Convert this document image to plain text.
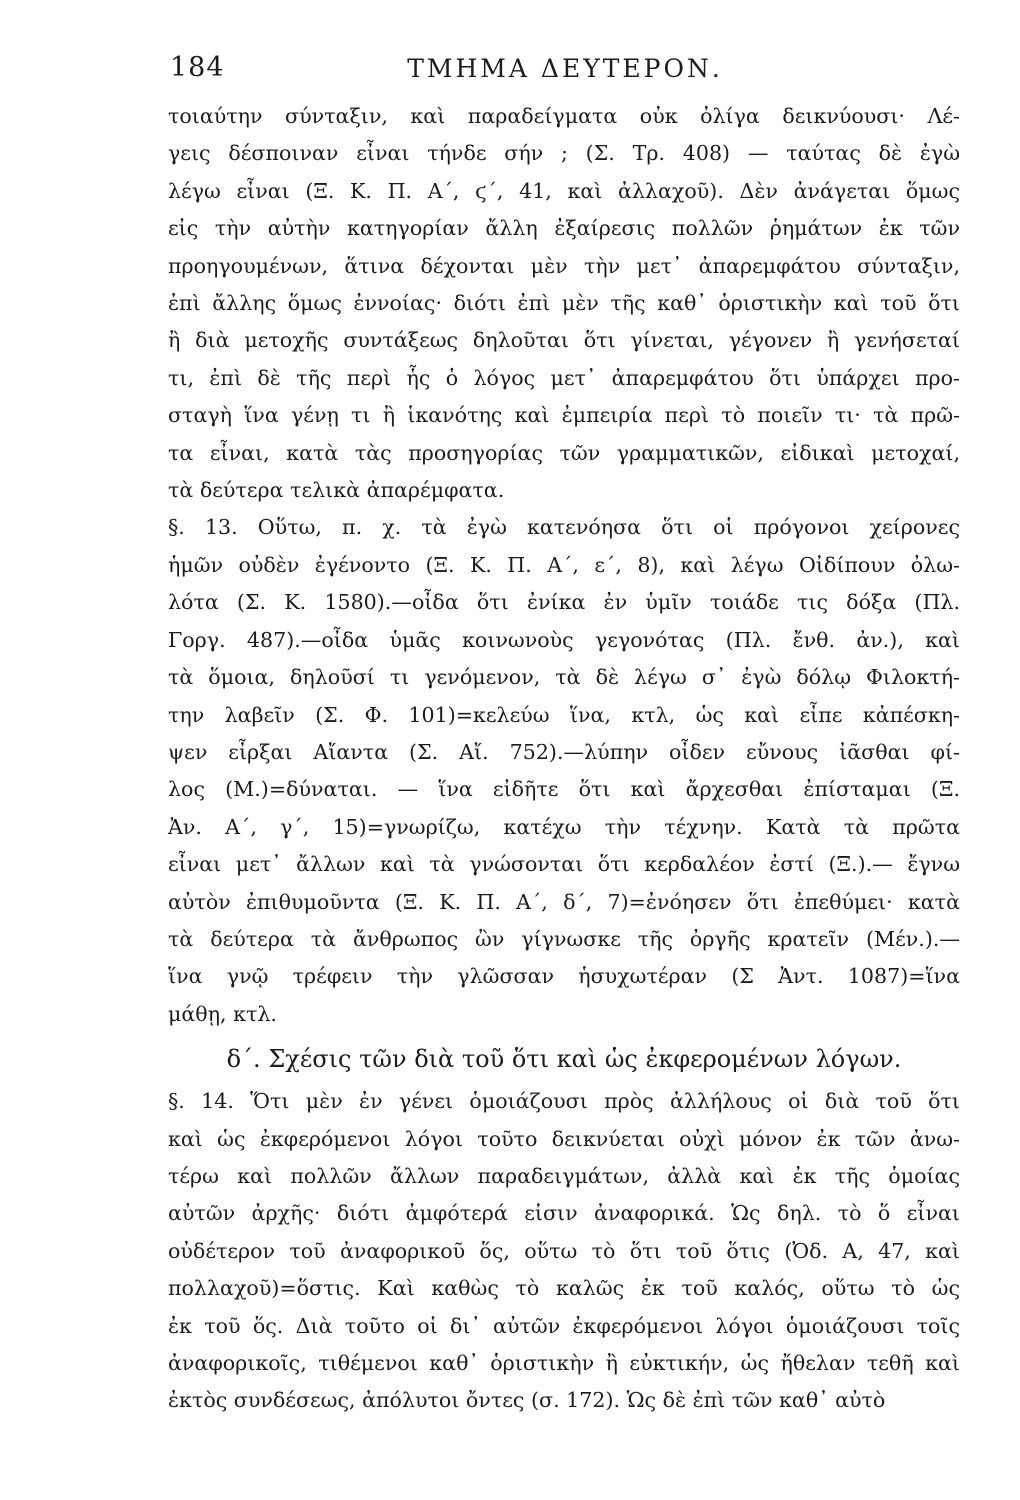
184	ΤΜΗΜΑ ΔΕΥΤΕΡΟΝ.
τοιαύτην σύνταξιν, καὶ παραδείγματα οὐκ ὀλίγα δεικνύουσι· Λέ-
γεις δέσποιναν εἶναι τήνδε σήν ; (Σ. Τρ. 408) — ταύτας δὲ ἐγὼ
λέγω εἶναι (Ξ. Κ. Π. Α΄, ϛ΄, 41, καὶ ἀλλαχοῦ). Δὲν ἀνάγεται ὅμως
εἰς τὴν αὐτὴν κατηγορίαν ἄλλη ἐξαίρεσις πολλῶν ῥημάτων ἐκ τῶν
προηγουμένων, ἅτινα δέχονται μὲν τὴν μετ᾽ ἀπαρεμφάτου σύνταξιν,
ἐπὶ ἄλλης ὅμως ἐννοίας· διότι ἐπὶ μὲν τῆς καθ᾽ ὁριστικὴν καὶ τοῦ ὅτι
ἢ διὰ μετοχῆς συντάξεως δηλοῦται ὅτι γίνεται, γέγονεν ἢ γενήσεταί
τι, ἐπὶ δὲ τῆς περὶ ἧς ὁ λόγος μετ᾽ ἀπαρεμφάτου ὅτι ὑπάρχει προ-
σταγὴ ἵνα γένῃ τι ἢ ἱκανότης καὶ ἐμπειρία περὶ τὸ ποιεῖν τι· τὰ πρῶ-
τα εἶναι, κατὰ τὰς προσηγορίας τῶν γραμματικῶν, εἰδικαὶ μετοχαί,
τὰ δεύτερα τελικὰ ἀπαρέμφατα.
§. 13. Οὕτω, π. χ. τὰ ἐγὼ κατενόησα ὅτι οἱ πρόγονοι χείρονες
ἡμῶν οὐδὲν ἐγένοντο (Ξ. Κ. Π. Α΄, ε΄, 8), καὶ λέγω Οἰδίπουν ὀλω-
λότα (Σ. Κ. 1580).—οἶδα ὅτι ἐνίκα ἐν ὑμῖν τοιάδε τις δόξα (Πλ.
Γοργ. 487).—οἶδα ὑμᾶς κοινωνοὺς γεγονότας (Πλ. ἔνθ. ἀν.), καὶ
τὰ ὅμοια, δηλοῦσί τι γενόμενον, τὰ δὲ λέγω σ᾽ ἐγὼ δόλῳ Φιλοκτή-
την λαβεῖν (Σ. Φ. 101)=κελεύω ἵνα, κτλ, ὡς καὶ εἶπε κἀπέσκη-
ψεν εἶρξαι Αἴαντα (Σ. Αἴ. 752).—λύπην οἶδεν εὔνους ἰᾶσθαι φί-
λος (Μ.)=δύναται. — ἵνα εἰδῆτε ὅτι καὶ ἄρχεσθαι ἐπίσταμαι (Ξ.
Ἀν. Α΄, γ΄, 15)=γνωρίζω, κατέχω τὴν τέχνην. Κατὰ τὰ πρῶτα
εἶναι μετ᾽ ἄλλων καὶ τὰ γνώσονται ὅτι κερδαλέον ἐστί (Ξ.).— ἔγνω
αὐτὸν ἐπιθυμοῦντα (Ξ. Κ. Π. Α΄, δ΄, 7)=ἐνόησεν ὅτι ἐπεθύμει· κατὰ
τὰ δεύτερα τὰ ἄνθρωπος ὢν γίγνωσκε τῆς ὀργῆς κρατεῖν (Μέν.).—
ἵνα γνῷ τρέφειν τὴν γλῶσσαν ἡσυχωτέραν (Σ Ἀντ. 1087)=ἵνα
μάθῃ, κτλ.
δ΄. Σχέσις τῶν διὰ τοῦ ὅτι καὶ ὡς ἐκφερομένων λόγων.
§. 14. Ὅτι μὲν ἐν γένει ὁμοιάζουσι πρὸς ἀλλήλους οἱ διὰ τοῦ ὅτι
καὶ ὡς ἐκφερόμενοι λόγοι τοῦτο δεικνύεται οὐχὶ μόνον ἐκ τῶν ἀνω-
τέρω καὶ πολλῶν ἄλλων παραδειγμάτων, ἀλλὰ καὶ ἐκ τῆς ὁμοίας
αὐτῶν ἀρχῆς· διότι ἀμφότερά εἰσιν ἀναφορικά. Ὡς δηλ. τὸ ὅ εἶναι
οὐδέτερον τοῦ ἀναφορικοῦ ὅς, οὕτω τὸ ὅτι τοῦ ὅτις (Ὀδ. Α, 47, καὶ
πολλαχοῦ)=ὅστις. Καὶ καθὼς τὸ καλῶς ἐκ τοῦ καλός, οὕτω τὸ ὡς
ἐκ τοῦ ὅς. Διὰ τοῦτο οἱ δι᾽ αὐτῶν ἐκφερόμενοι λόγοι ὁμοιάζουσι τοῖς
ἀναφορικοῖς, τιθέμενοι καθ᾽ ὁριστικὴν ἢ εὐκτικήν, ὡς ἤθελαν τεθῆ καὶ
ἐκτὸς συνδέσεως, ἀπόλυτοι ὄντες (σ. 172). Ὡς δὲ ἐπὶ τῶν καθ᾽ αὐτὸ
